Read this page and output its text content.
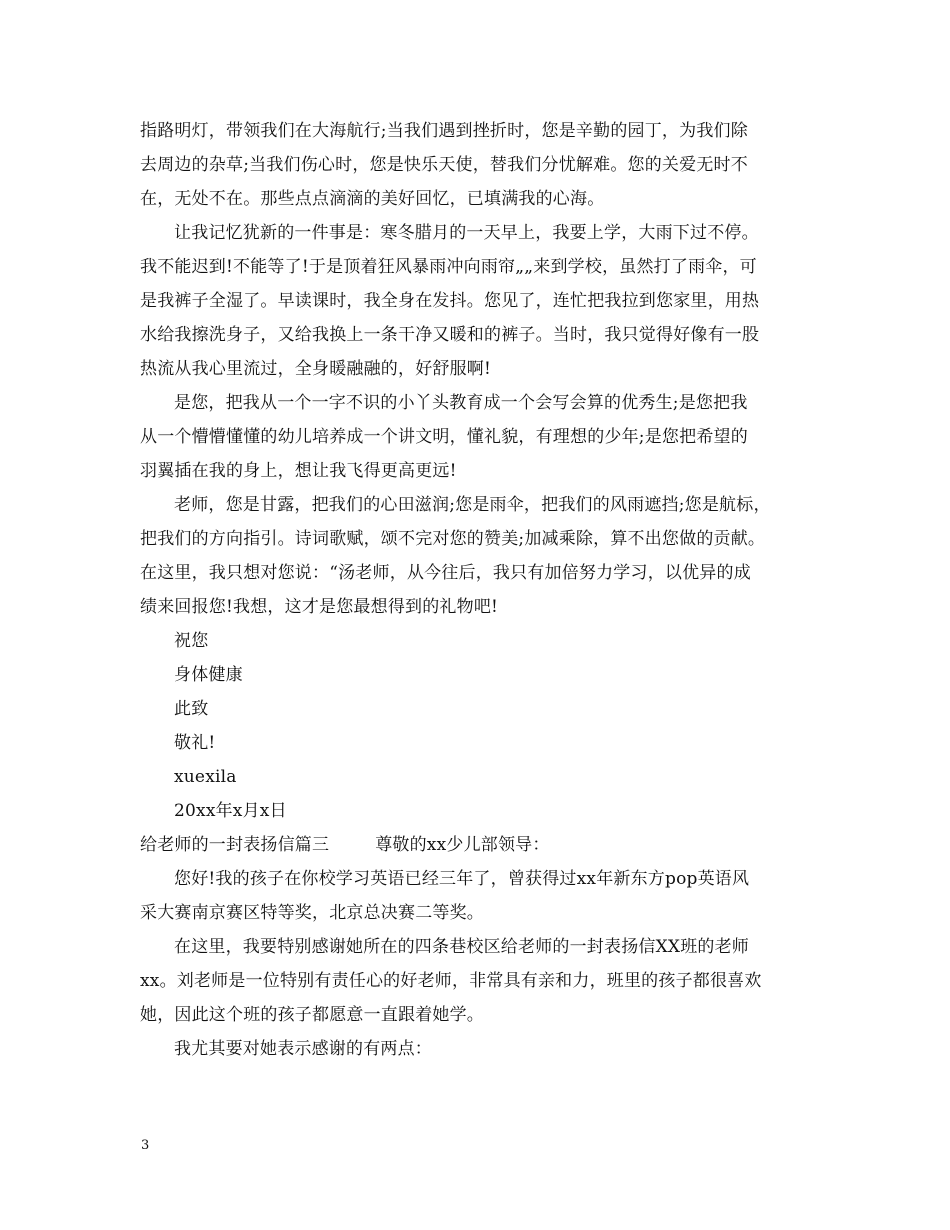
指路明灯，带领我们在大海航行;当我们遇到挫折时，您是辛勤的园丁，为我们除
去周边的杂草;当我们伤心时，您是快乐天使，替我们分忧解难。您的关爱无时不
在，无处不在。那些点点滴滴的美好回忆，已填满我的心海。
让我记忆犹新的一件事是：寒冬腊月的一天早上，我要上学，大雨下过不停。
我不能迟到!不能等了!于是顶着狂风暴雨冲向雨帘„„来到学校，虽然打了雨伞，可
是我裤子全湿了。早读课时，我全身在发抖。您见了，连忙把我拉到您家里，用热
水给我擦洗身子，又给我换上一条干净又暖和的裤子。当时，我只觉得好像有一股
热流从我心里流过，全身暖融融的，好舒服啊!
是您，把我从一个一字不识的小丫头教育成一个会写会算的优秀生;是您把我
从一个懵懵懂懂的幼儿培养成一个讲文明，懂礼貌，有理想的少年;是您把希望的
羽翼插在我的身上，想让我飞得更高更远!
老师，您是甘露，把我们的心田滋润;您是雨伞，把我们的风雨遮挡;您是航标，
把我们的方向指引。诗词歌赋，颂不完对您的赞美;加减乘除，算不出您做的贡献。
在这里，我只想对您说：“汤老师，从今往后，我只有加倍努力学习，以优异的成
绩来回报您!我想，这才是您最想得到的礼物吧!
祝您
身体健康
此致
敬礼!
xuexila
20xx年x月x日
给老师的一封表扬信篇三	尊敬的xx少儿部领导：
您好!我的孩子在你校学习英语已经三年了，曾获得过xx年新东方pop英语风
采大赛南京赛区特等奖，北京总决赛二等奖。
在这里，我要特别感谢她所在的四条巷校区给老师的一封表扬信XX班的老师
xx。刘老师是一位特别有责任心的好老师，非常具有亲和力，班里的孩子都很喜欢
她，因此这个班的孩子都愿意一直跟着她学。
我尤其要对她表示感谢的有两点：
3
